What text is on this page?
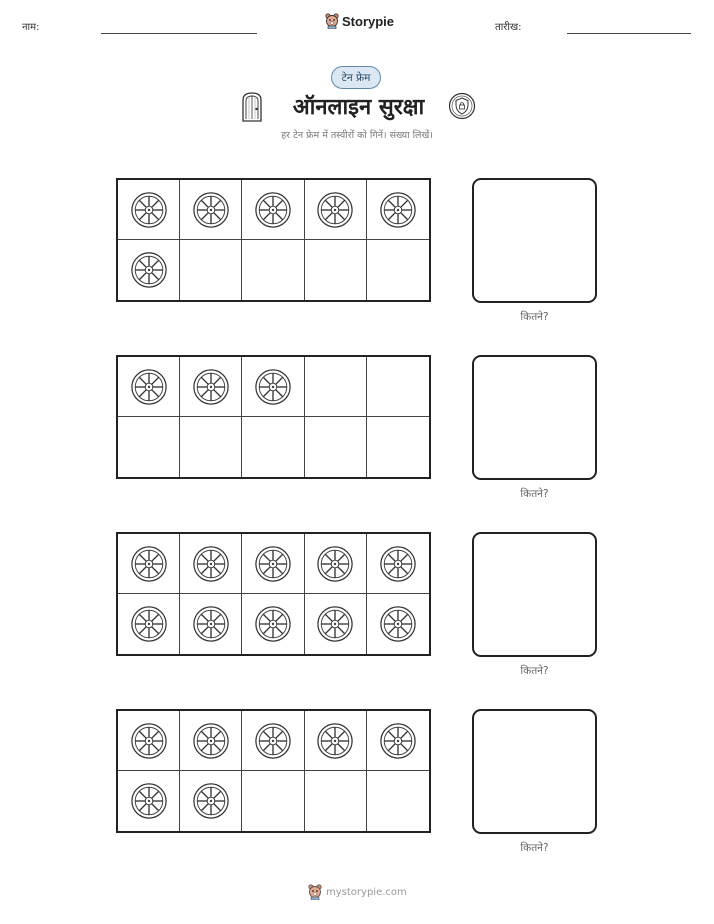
नाम:	Storypie	तारीख:
टेन फ्रेम
ऑनलाइन सुरक्षा
हर टेन फ्रेम में तस्वीरों को गिनें। संख्या लिखें।
कितने?
कितने?
कितने?
कितने?
mystorypie.com
